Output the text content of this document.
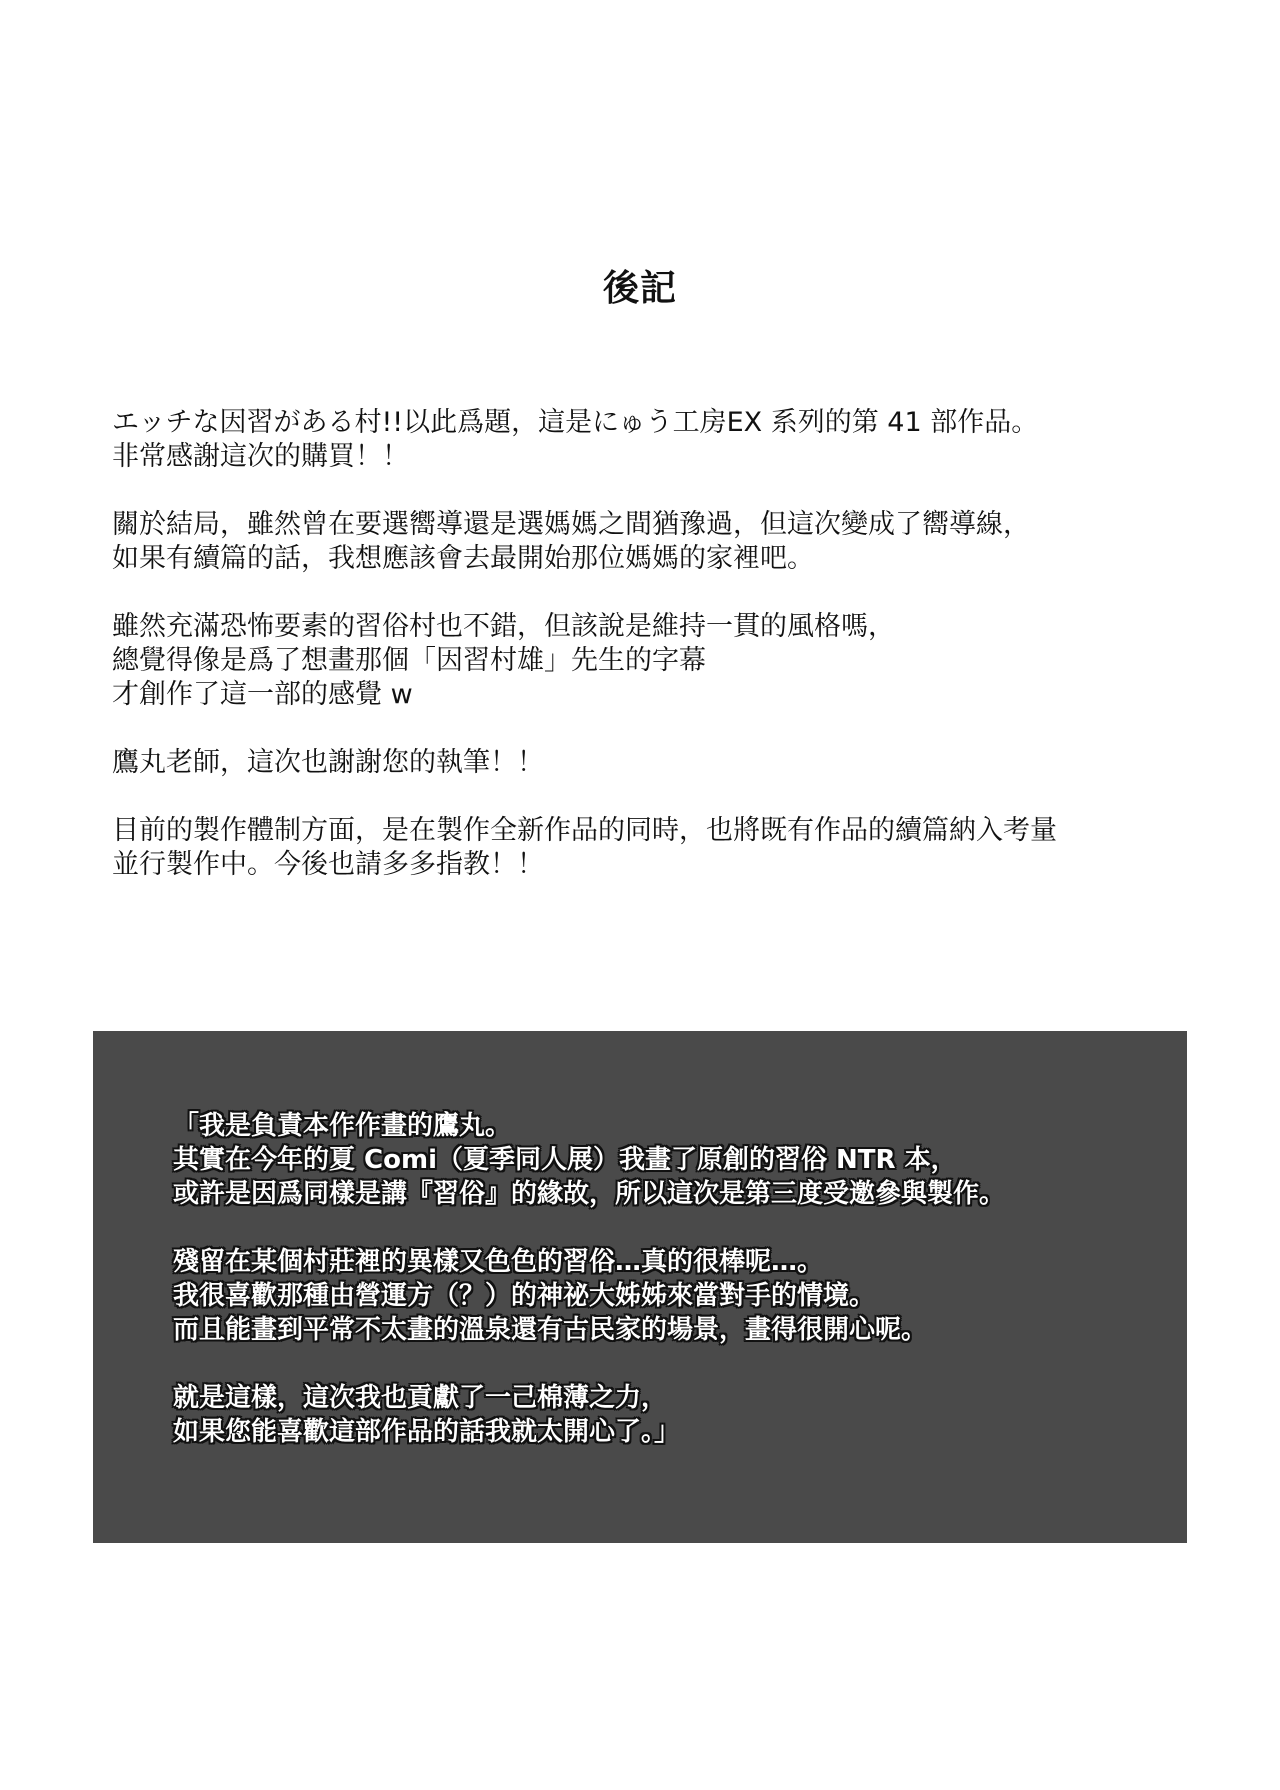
後記

エッチな因習がある村!!以此爲題，這是にゅう工房EX 系列的第 41 部作品。
非常感謝這次的購買！！

關於結局，雖然曾在要選嚮導還是選媽媽之間猶豫過，但這次變成了嚮導線，
如果有續篇的話，我想應該會去最開始那位媽媽的家裡吧。

雖然充滿恐怖要素的習俗村也不錯，但該說是維持一貫的風格嗎，
總覺得像是爲了想畫那個「因習村雄」先生的字幕
才創作了這一部的感覺 w

鷹丸老師，這次也謝謝您的執筆！！

目前的製作體制方面，是在製作全新作品的同時，也將既有作品的續篇納入考量
並行製作中。今後也請多多指教！！

「我是負責本作作畫的鷹丸。
其實在今年的夏 Comi（夏季同人展）我畫了原創的習俗 NTR 本，
或許是因爲同樣是講『習俗』的緣故，所以這次是第三度受邀參與製作。

殘留在某個村莊裡的異樣又色色的習俗…真的很棒呢…。
我很喜歡那種由營運方（？）的神祕大姊姊來當對手的情境。
而且能畫到平常不太畫的溫泉還有古民家的場景，畫得很開心呢。

就是這樣，這次我也貢獻了一己棉薄之力，
如果您能喜歡這部作品的話我就太開心了。」
